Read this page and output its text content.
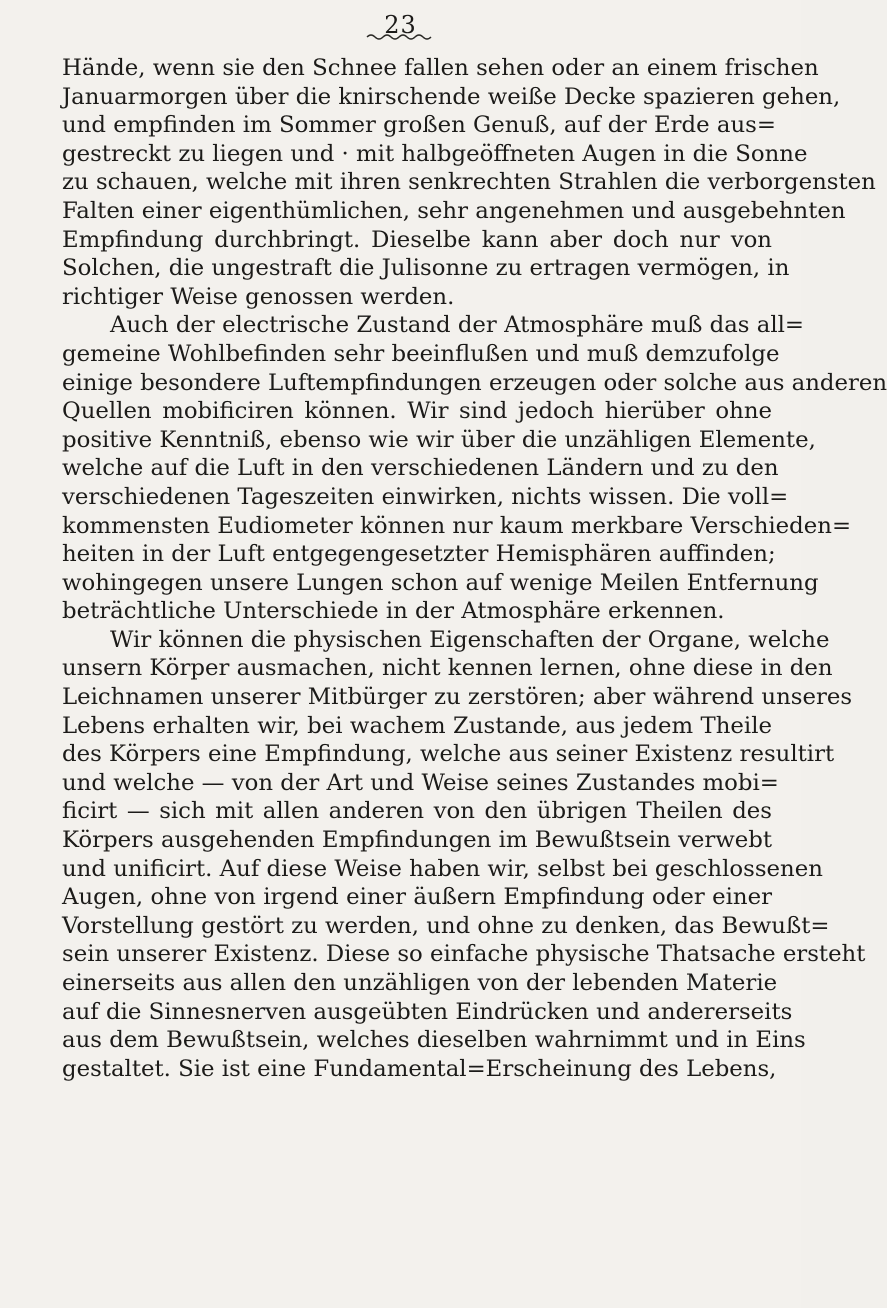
23
Hände, wenn sie den Schnee fallen sehen oder an einem frischen
Januarmorgen über die knirschende weiße Decke spazieren gehen,
und empfinden im Sommer großen Genuß, auf der Erde aus=
gestreckt zu liegen und · mit halbgeöffneten Augen in die Sonne
zu schauen, welche mit ihren senkrechten Strahlen die verborgensten
Falten einer eigenthümlichen, sehr angenehmen und ausgebehnten
Empfindung durchbringt. Dieselbe kann aber doch nur von
Solchen, die ungestraft die Julisonne zu ertragen vermögen, in
richtiger Weise genossen werden.
Auch der electrische Zustand der Atmosphäre muß das all=
gemeine Wohlbefinden sehr beeinflußen und muß demzufolge
einige besondere Luftempfindungen erzeugen oder solche aus anderen
Quellen mobificiren können. Wir sind jedoch hierüber ohne
positive Kenntniß, ebenso wie wir über die unzähligen Elemente,
welche auf die Luft in den verschiedenen Ländern und zu den
verschiedenen Tageszeiten einwirken, nichts wissen. Die voll=
kommensten Eudiometer können nur kaum merkbare Verschieden=
heiten in der Luft entgegengesetzter Hemisphären auffinden;
wohingegen unsere Lungen schon auf wenige Meilen Entfernung
beträchtliche Unterschiede in der Atmosphäre erkennen.
Wir können die physischen Eigenschaften der Organe, welche
unsern Körper ausmachen, nicht kennen lernen, ohne diese in den
Leichnamen unserer Mitbürger zu zerstören; aber während unseres
Lebens erhalten wir, bei wachem Zustande, aus jedem Theile
des Körpers eine Empfindung, welche aus seiner Existenz resultirt
und welche — von der Art und Weise seines Zustandes mobi=
ficirt — sich mit allen anderen von den übrigen Theilen des
Körpers ausgehenden Empfindungen im Bewußtsein verwebt
und unificirt. Auf diese Weise haben wir, selbst bei geschlossenen
Augen, ohne von irgend einer äußern Empfindung oder einer
Vorstellung gestört zu werden, und ohne zu denken, das Bewußt=
sein unserer Existenz. Diese so einfache physische Thatsache ersteht
einerseits aus allen den unzähligen von der lebenden Materie
auf die Sinnesnerven ausgeübten Eindrücken und andererseits
aus dem Bewußtsein, welches dieselben wahrnimmt und in Eins
gestaltet. Sie ist eine Fundamental=Erscheinung des Lebens,
